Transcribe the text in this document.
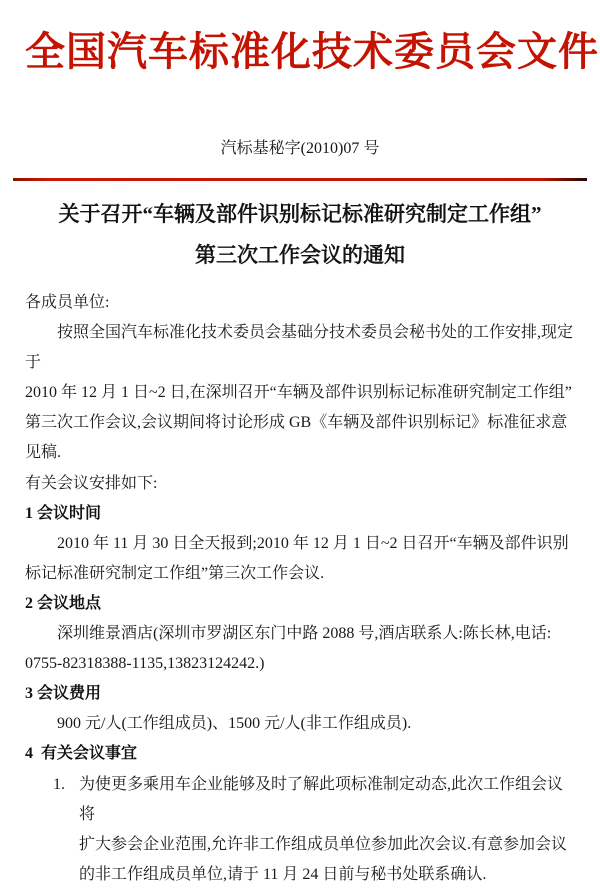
全国汽车标准化技术委员会文件
汽标基秘字(2010)07 号
关于召开“车辆及部件识别标记标准研究制定工作组”
第三次工作会议的通知
各成员单位:
　　按照全国汽车标准化技术委员会基础分技术委员会秘书处的工作安排,现定于
2010 年 12 月 1 日~2 日,在深圳召开“车辆及部件识别标记标准研究制定工作组”
第三次工作会议,会议期间将讨论形成 GB《车辆及部件识别标记》标准征求意见稿.
有关会议安排如下:
1 会议时间
　　2010 年 11 月 30 日全天报到;2010 年 12 月 1 日~2 日召开“车辆及部件识别
标记标准研究制定工作组”第三次工作会议.
2 会议地点
　　深圳维景酒店(深圳市罗湖区东门中路 2088 号,酒店联系人:陈长林,电话:
0755-82318388-1135,13823124242.)
3 会议费用
　　900 元/人(工作组成员)、1500 元/人(非工作组成员).
4  有关会议事宜
1. 为使更多乘用车企业能够及时了解此项标准制定动态,此次工作组会议将
扩大参会企业范围,允许非工作组成员单位参加此次会议.有意参加会议
的非工作组成员单位,请于 11 月 24 日前与秘书处联系确认.
